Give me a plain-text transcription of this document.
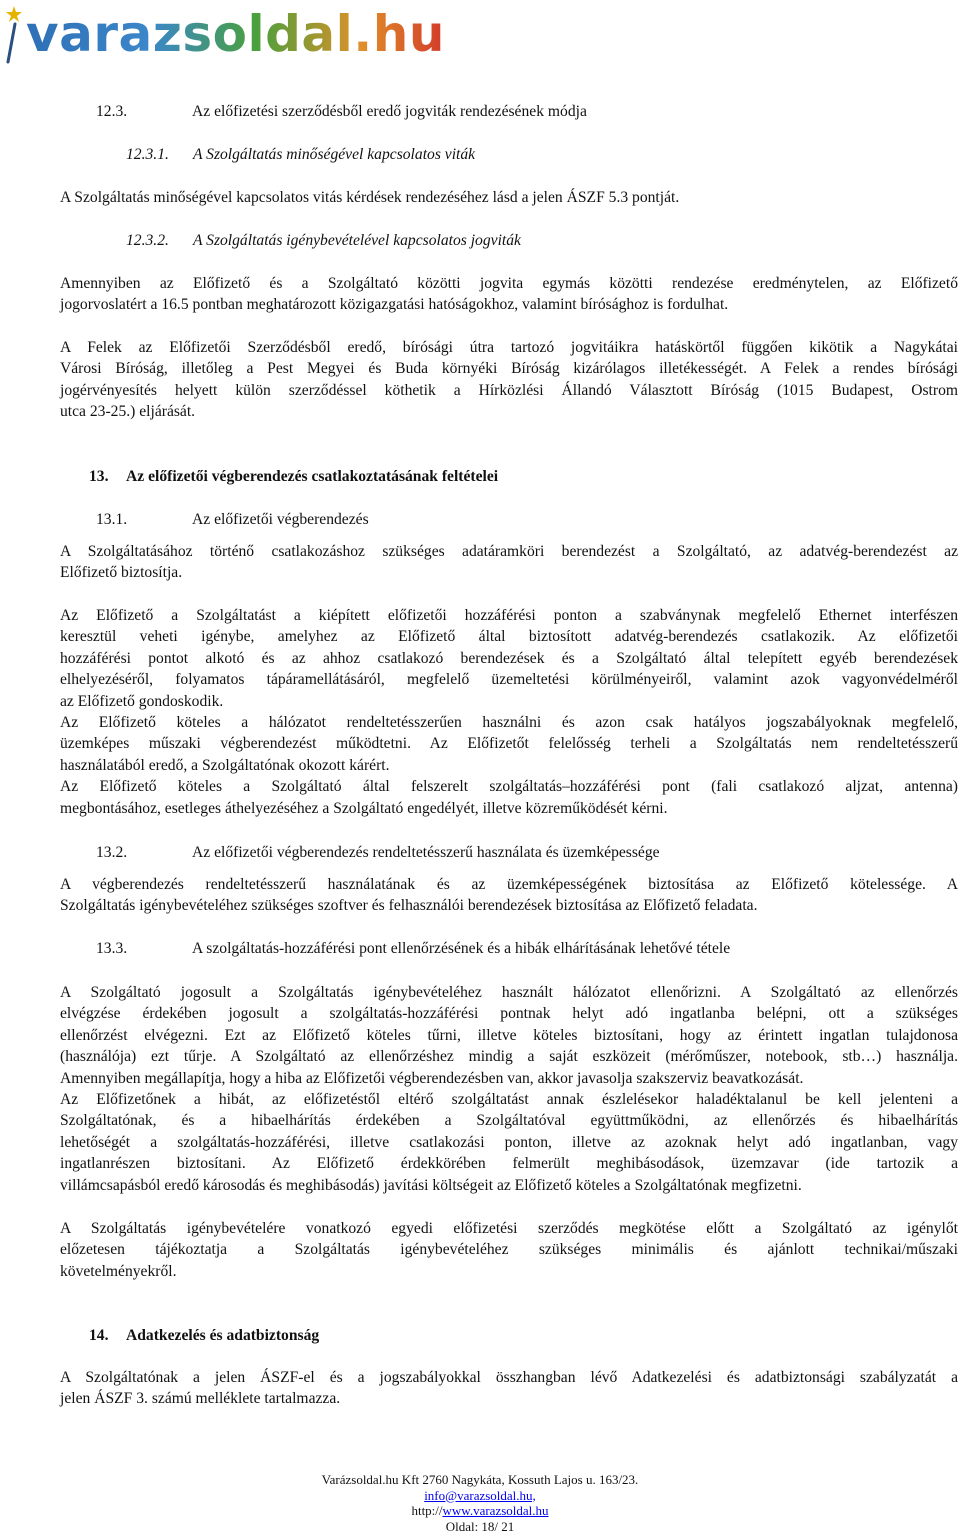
varazsoldal.hu
12.3.	Az előfizetési szerződésből eredő jogviták rendezésének módja
12.3.1. A Szolgáltatás minőségével kapcsolatos viták
A Szolgáltatás minőségével kapcsolatos vitás kérdések rendezéséhez lásd a jelen ÁSZF 5.3 pontját.
12.3.2. A Szolgáltatás igénybevételével kapcsolatos jogviták
Amennyiben az Előfizető és a Szolgáltató közötti jogvita egymás közötti rendezése eredménytelen, az Előfizető
jogorvoslatért a 16.5 pontban meghatározott közigazgatási hatóságokhoz, valamint bírósághoz is fordulhat.
A Felek az Előfizetői Szerződésből eredő, bírósági útra tartozó jogvitáikra hatáskörtől függően kikötik a Nagykátai
Városi Bíróság, illetőleg a Pest Megyei és Buda környéki Bíróság kizárólagos illetékességét. A Felek a rendes bírósági
jogérvényesítés helyett külön szerződéssel köthetik a Hírközlési Állandó Választott Bíróság (1015 Budapest, Ostrom
utca 23-25.) eljárását.
13. Az előfizetői végberendezés csatlakoztatásának feltételei
13.1.	Az előfizetői végberendezés
A Szolgáltatásához történő csatlakozáshoz szükséges adatáramköri berendezést a Szolgáltató, az adatvég-berendezést az
Előfizető biztosítja.
Az Előfizető a Szolgáltatást a kiépített előfizetői hozzáférési ponton a szabványnak megfelelő Ethernet interfészen
keresztül veheti igénybe, amelyhez az Előfizető által biztosított adatvég-berendezés csatlakozik. Az előfizetői
hozzáférési pontot alkotó és az ahhoz csatlakozó berendezések és a Szolgáltató által telepített egyéb berendezések
elhelyezéséről, folyamatos tápáramellátásáról, megfelelő üzemeltetési körülményeiről, valamint azok vagyonvédelméről
az Előfizető gondoskodik.
Az Előfizető köteles a hálózatot rendeltetésszerűen használni és azon csak hatályos jogszabályoknak megfelelő,
üzemképes műszaki végberendezést működtetni. Az Előfizetőt felelősség terheli a Szolgáltatás nem rendeltetésszerű
használatából eredő, a Szolgáltatónak okozott kárért.
Az Előfizető köteles a Szolgáltató által felszerelt szolgáltatás–hozzáférési pont (fali csatlakozó aljzat, antenna)
megbontásához, esetleges áthelyezéséhez a Szolgáltató engedélyét, illetve közreműködését kérni.
13.2.	Az előfizetői végberendezés rendeltetésszerű használata és üzemképessége
A végberendezés rendeltetésszerű használatának és az üzemképességének biztosítása az Előfizető kötelessége. A
Szolgáltatás igénybevételéhez szükséges szoftver és felhasználói berendezések biztosítása az Előfizető feladata.
13.3.	A szolgáltatás-hozzáférési pont ellenőrzésének és a hibák elhárításának lehetővé tétele
A Szolgáltató jogosult a Szolgáltatás igénybevételéhez használt hálózatot ellenőrizni. A Szolgáltató az ellenőrzés
elvégzése érdekében jogosult a szolgáltatás-hozzáférési pontnak helyt adó ingatlanba belépni, ott a szükséges
ellenőrzést elvégezni. Ezt az Előfizető köteles tűrni, illetve köteles biztosítani, hogy az érintett ingatlan tulajdonosa
(használója) ezt tűrje. A Szolgáltató az ellenőrzéshez mindig a saját eszközeit (mérőműszer, notebook, stb…) használja.
Amennyiben megállapítja, hogy a hiba az Előfizetői végberendezésben van, akkor javasolja szakszerviz beavatkozását.
Az Előfizetőnek a hibát, az előfizetéstől eltérő szolgáltatást annak észlelésekor haladéktalanul be kell jelenteni a
Szolgáltatónak, és a hibaelhárítás érdekében a Szolgáltatóval együttműködni, az ellenőrzés és hibaelhárítás
lehetőségét a szolgáltatás-hozzáférési, illetve csatlakozási ponton, illetve az azoknak helyt adó ingatlanban, vagy
ingatlanrészen biztosítani. Az Előfizető érdekkörében felmerült meghibásodások, üzemzavar (ide tartozik a
villámcsapásból eredő károsodás és meghibásodás) javítási költségeit az Előfizető köteles a Szolgáltatónak megfizetni.
A Szolgáltatás igénybevételére vonatkozó egyedi előfizetési szerződés megkötése előtt a Szolgáltató az igénylőt
előzetesen tájékoztatja a Szolgáltatás igénybevételéhez szükséges minimális és ajánlott technikai/műszaki
követelményekről.
14. Adatkezelés és adatbiztonság
A Szolgáltatónak a jelen ÁSZF-el és a jogszabályokkal összhangban lévő Adatkezelési és adatbiztonsági szabályzatát a
jelen ÁSZF 3. számú melléklete tartalmazza.
Varázsoldal.hu Kft 2760 Nagykáta, Kossuth Lajos u. 163/23.
info@varazsoldal.hu,
http://www.varazsoldal.hu
Oldal: 18/ 21
